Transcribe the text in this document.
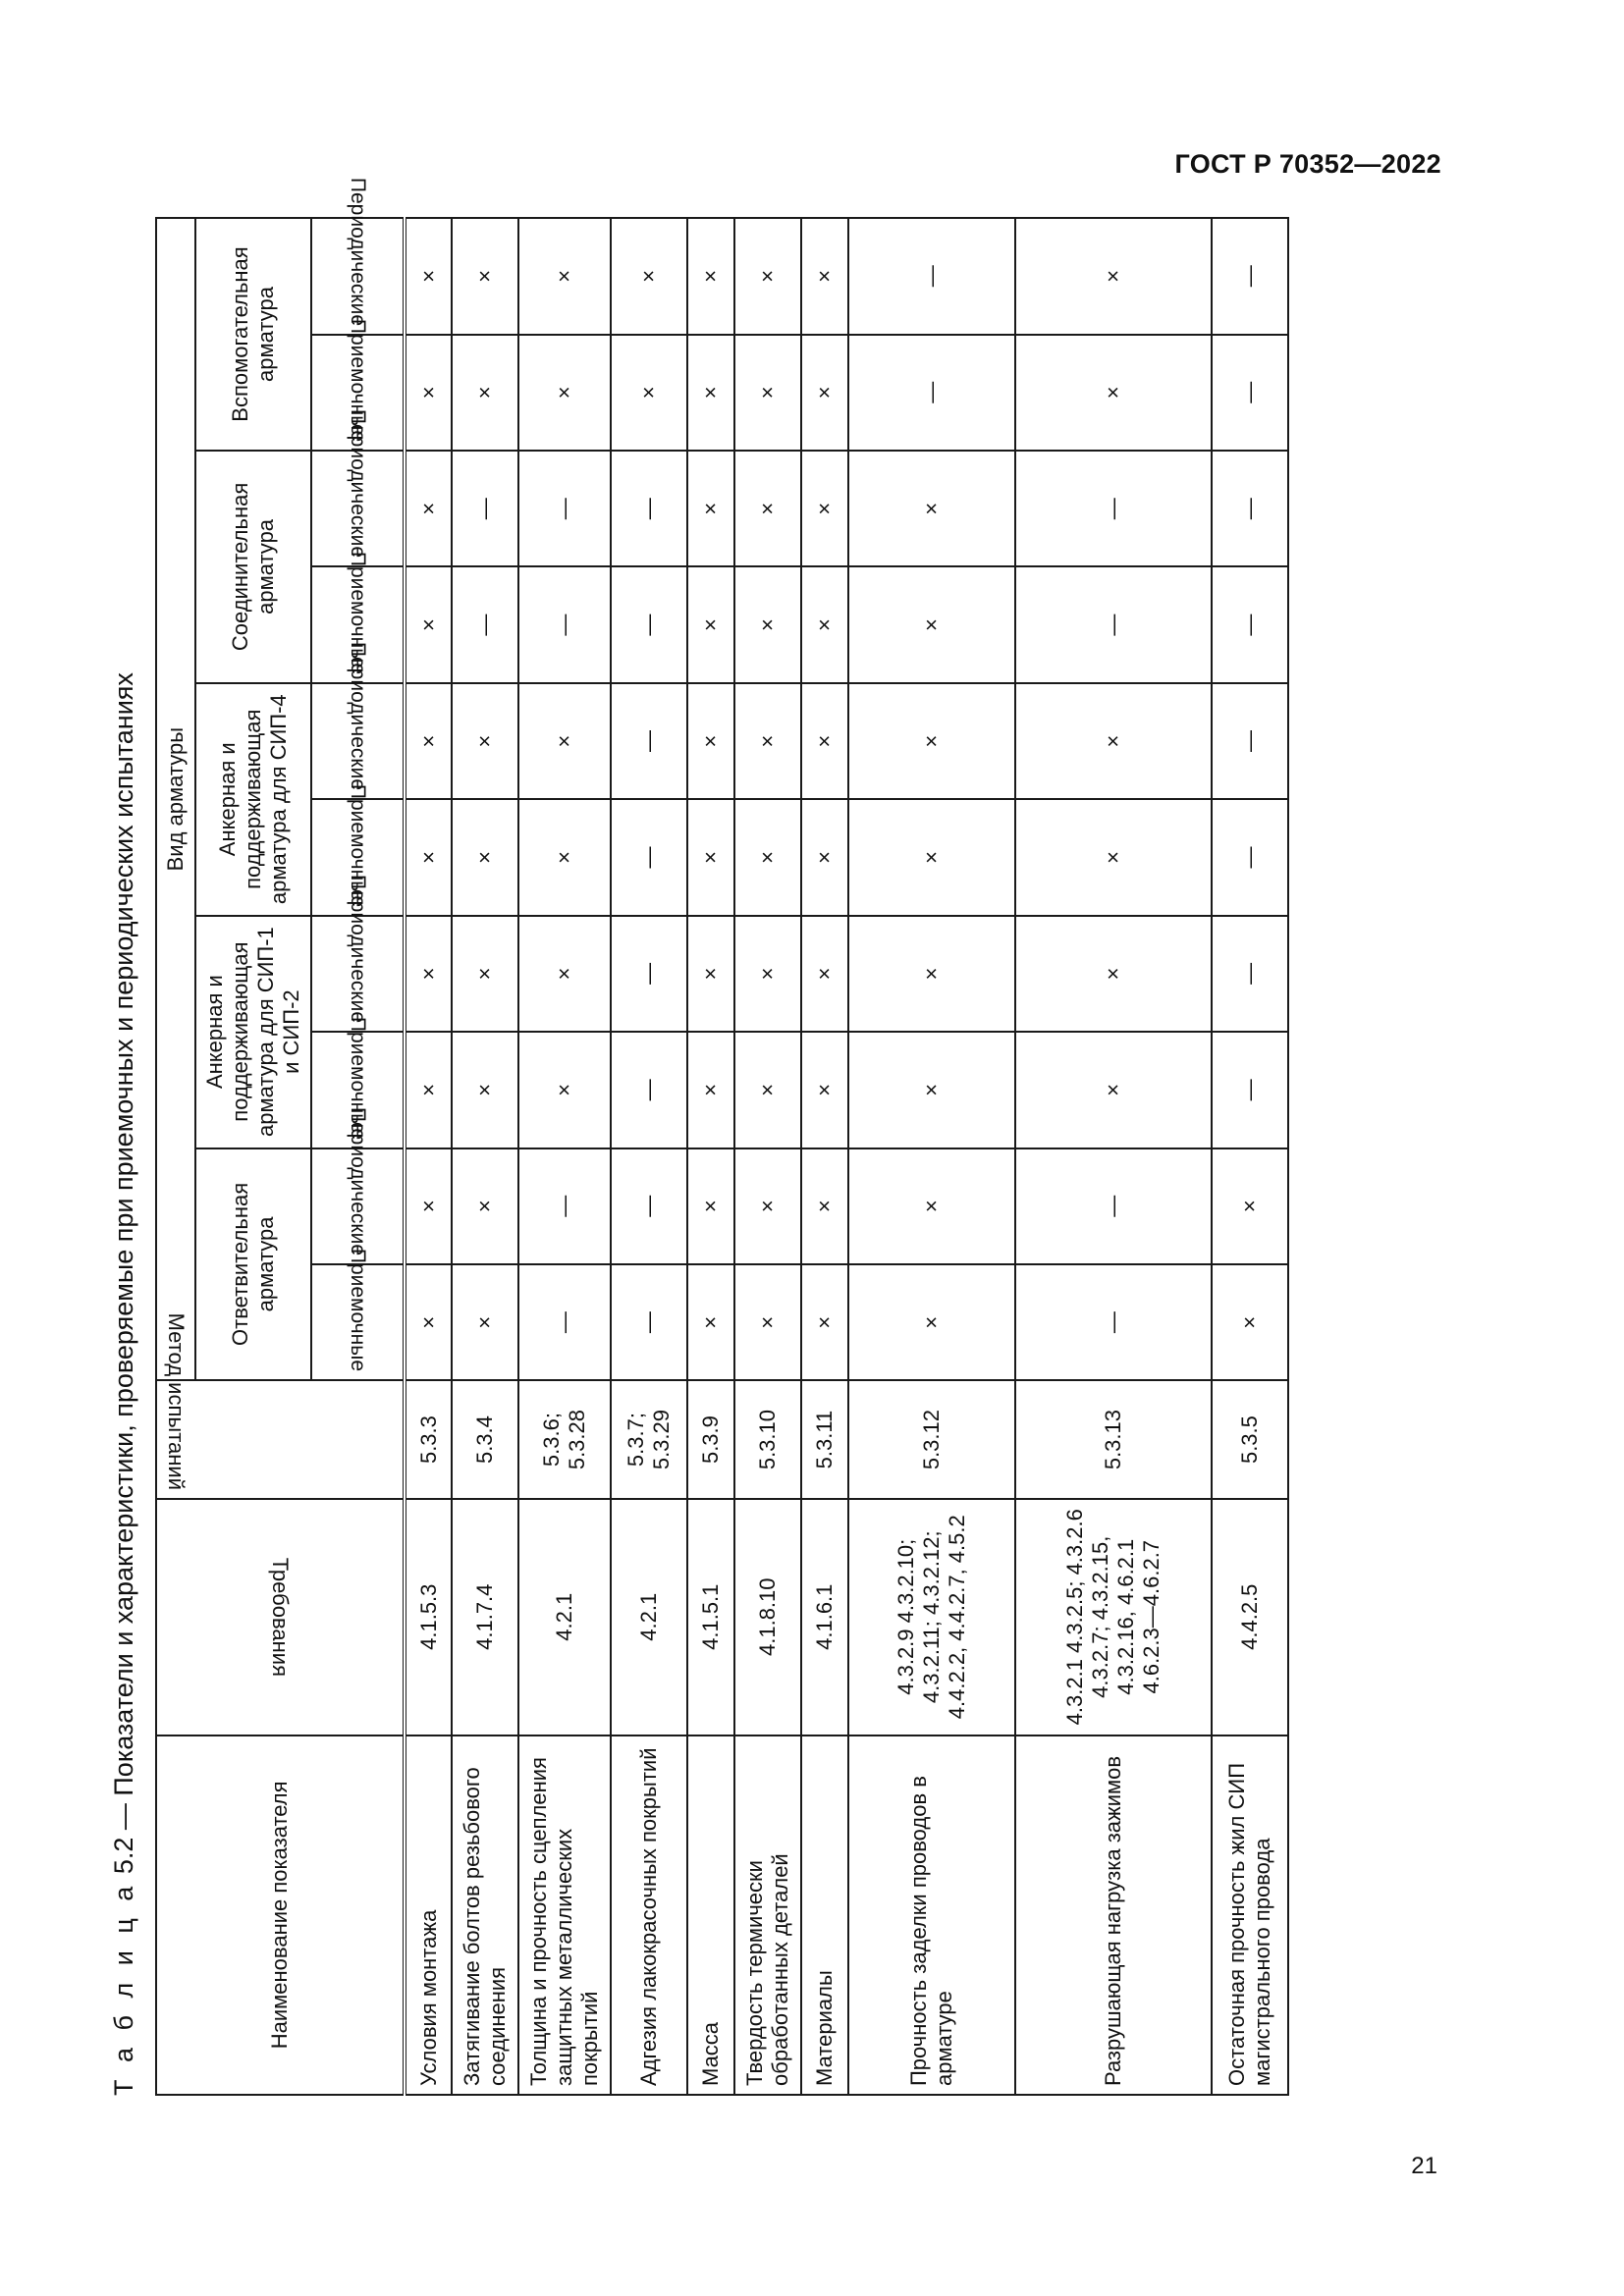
ГОСТ Р 70352—2022
Т а б л и ц а 5.2 — Показатели и характеристики, проверяемые при приемочных и периодических испытаниях
Наименование показателя	Требования	Метод испытаний	Вид арматуры									
			Ответвительная арматура		Анкерная и поддерживающая арматура для СИП-1 и СИП-2		Анкерная и поддерживающая арматура для СИП-4		Соединительная арматура		Вспомогательная арматура	
			Приемочные	Периодические	Приемочные	Периодические	Приемочные	Периодические	Приемочные	Периодические	Приемочные	Периодические
Условия монтажа	4.1.5.3	5.3.3	×	×	×	×	×	×	×	×	×	×
Затягивание болтов резьбового соединения	4.1.7.4	5.3.4	×	×	×	×	×	×	—	—	×	×
Толщина и прочность сцепления защитных металлических покрытий	4.2.1	5.3.6; 5.3.28	—	—	×	×	×	×	—	—	×	×
Адгезия лакокрасочных покрытий	4.2.1	5.3.7; 5.3.29	—	—	—	—	—	—	—	—	×	×
Масса	4.1.5.1	5.3.9	×	×	×	×	×	×	×	×	×	×
Твердость термически обработанных деталей	4.1.8.10	5.3.10	×	×	×	×	×	×	×	×	×	×
Материалы	4.1.6.1	5.3.11	×	×	×	×	×	×	×	×	×	×
Прочность заделки проводов в арматуре	4.3.2.9 4.3.2.10; 4.3.2.11; 4.3.2.12; 4.4.2.2, 4.4.2.7, 4.5.2	5.3.12	×	×	×	×	×	×	×	×	—	—
Разрушающая нагрузка зажимов	4.3.2.1 4.3.2.5; 4.3.2.6 4.3.2.7; 4.3.2.15, 4.3.2.16, 4.6.2.1 4.6.2.3—4.6.2.7	5.3.13	—	—	×	×	×	×	—	—	×	×
Остаточная прочность жил СИП магистрального провода	4.4.2.5	5.3.5	×	×	—	—	—	—	—	—	—	—
21
